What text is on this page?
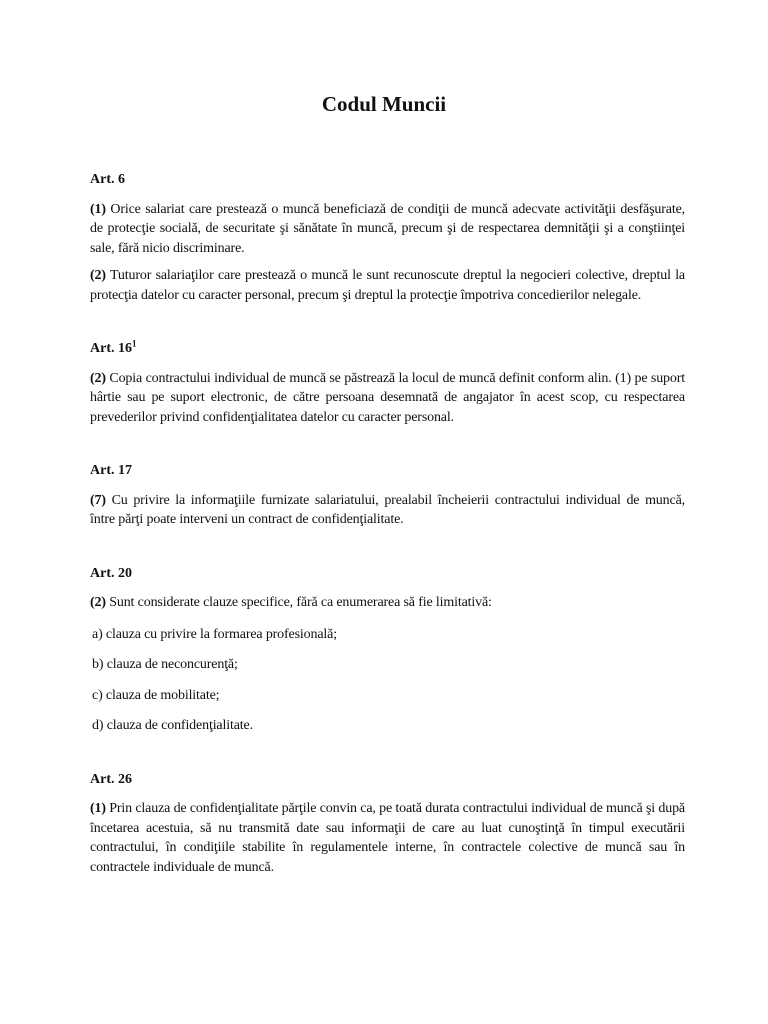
Codul Muncii
Art. 6

(1) Orice salariat care prestează o muncă beneficiază de condiţii de muncă adecvate activităţii desfăşurate, de protecţie socială, de securitate şi sănătate în muncă, precum şi de respectarea demnităţii şi a conştiinţei sale, fără nicio discriminare.

(2) Tuturor salariaţilor care prestează o muncă le sunt recunoscute dreptul la negocieri colective, dreptul la protecţia datelor cu caracter personal, precum şi dreptul la protecţie împotriva concedierilor nelegale.

Art. $16^1$

(2) Copia contractului individual de muncă se păstrează la locul de muncă definit conform alin. (1) pe suport hârtie sau pe suport electronic, de către persoana desemnată de angajator în acest scop, cu respectarea prevederilor privind confidenţialitatea datelor cu caracter personal.

Art. 17

(7) Cu privire la informaţiile furnizate salariatului, prealabil încheierii contractului individual de muncă, între părţi poate interveni un contract de confidenţialitate.

Art. 20

(2) Sunt considerate clauze specifice, fără ca enumerarea să fie limitativă:

a) clauza cu privire la formarea profesională;
b) clauza de neconcurenţă;
c) clauza de mobilitate;
d) clauza de confidenţialitate.
Art. 26

(1) Prin clauza de confidenţialitate părţile convin ca, pe toată durata contractului individual de muncă şi după încetarea acestuia, să nu transmită date sau informaţii de care au luat cunoştinţă în timpul executării contractului, în condiţiile stabilite în regulamentele interne, în contractele colective de muncă sau în contractele individuale de muncă.
